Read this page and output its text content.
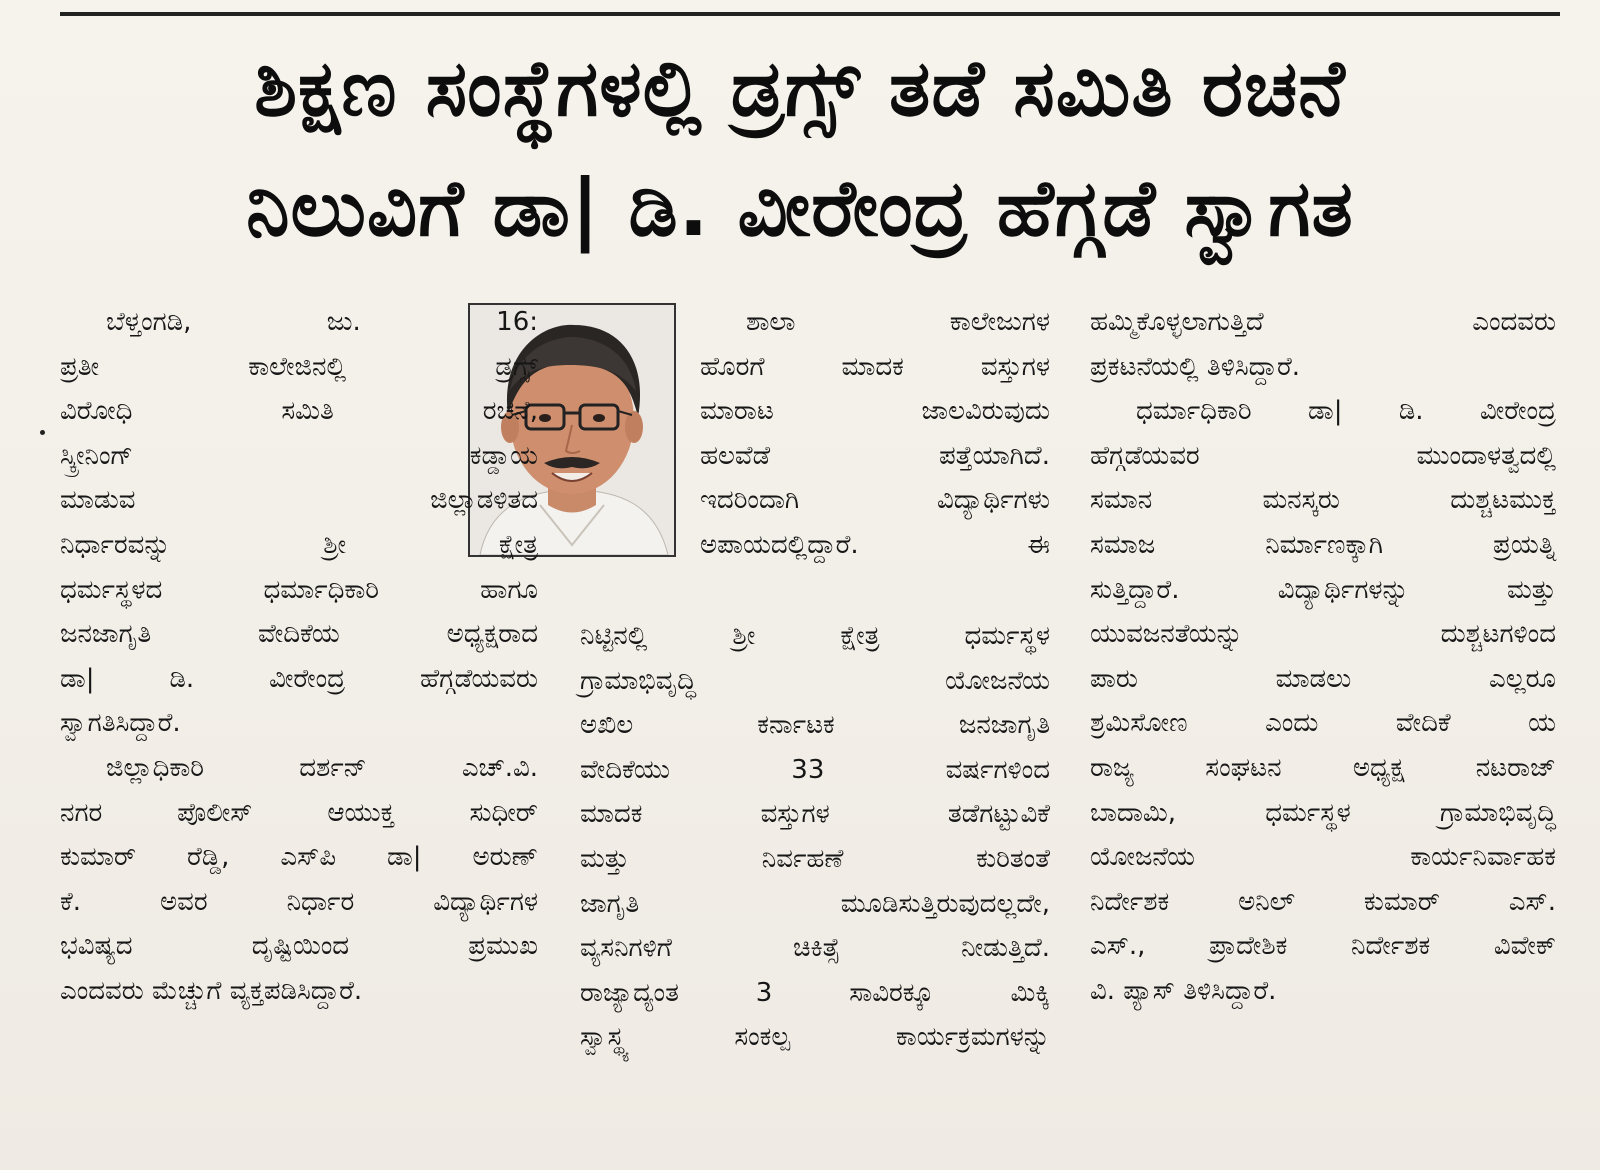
ಶಿಕ್ಷಣ ಸಂಸ್ಥೆಗಳಲ್ಲಿ ಡ್ರಗ್ಸ್ ತಡೆ ಸಮಿತಿ ರಚನೆ
ನಿಲುವಿಗೆ ಡಾ| ಡಿ. ವೀರೇಂದ್ರ ಹೆಗ್ಗಡೆ ಸ್ವಾಗತ
ಬೆಳ್ತಂಗಡಿ, ಜು. 16:
ಪ್ರತೀ ಕಾಲೇಜಿನಲ್ಲಿ ಡ್ರಗ್ಸ್
ವಿರೋಧಿ ಸಮಿತಿ ರಚನೆ,
ಸ್ಕ್ರೀನಿಂಗ್ ಕಡ್ಡಾಯ
ಮಾಡುವ ಜಿಲ್ಲಾಡಳಿತದ
ನಿರ್ಧಾರವನ್ನು ಶ್ರೀ ಕ್ಷೇತ್ರ
ಧರ್ಮಸ್ಥಳದ ಧರ್ಮಾಧಿಕಾರಿ ಹಾಗೂ
ಜನಜಾಗೃತಿ ವೇದಿಕೆಯ ಅಧ್ಯಕ್ಷರಾದ
ಡಾ| ಡಿ. ವೀರೇಂದ್ರ ಹೆಗ್ಗಡೆಯವರು
ಸ್ವಾಗತಿಸಿದ್ದಾರೆ.
ಜಿಲ್ಲಾಧಿಕಾರಿ ದರ್ಶನ್ ಎಚ್.ವಿ.
ನಗರ ಪೊಲೀಸ್ ಆಯುಕ್ತ ಸುಧೀರ್
ಕುಮಾರ್ ರೆಡ್ಡಿ, ಎಸ್‌ಪಿ ಡಾ| ಅರುಣ್
ಕೆ. ಅವರ ನಿರ್ಧಾರ ವಿದ್ಯಾರ್ಥಿಗಳ
ಭವಿಷ್ಯದ ದೃಷ್ಟಿಯಿಂದ ಪ್ರಮುಖ
ಎಂದವರು ಮೆಚ್ಚುಗೆ ವ್ಯಕ್ತಪಡಿಸಿದ್ದಾರೆ.
ಶಾಲಾ ಕಾಲೇಜುಗಳ
ಹೊರಗೆ ಮಾದಕ ವಸ್ತುಗಳ
ಮಾರಾಟ ಜಾಲವಿರುವುದು
ಹಲವೆಡೆ ಪತ್ತೆಯಾಗಿದೆ.
ಇದರಿಂದಾಗಿ ವಿದ್ಯಾರ್ಥಿಗಳು
ಅಪಾಯದಲ್ಲಿದ್ದಾರೆ. ಈ
ನಿಟ್ಟಿನಲ್ಲಿ ಶ್ರೀ ಕ್ಷೇತ್ರ ಧರ್ಮಸ್ಥಳ
ಗ್ರಾಮಾಭಿವೃದ್ಧಿ ಯೋಜನೆಯ
ಅಖಿಲ ಕರ್ನಾಟಕ ಜನಜಾಗೃತಿ
ವೇದಿಕೆಯು 33 ವರ್ಷಗಳಿಂದ
ಮಾದಕ ವಸ್ತುಗಳ ತಡೆಗಟ್ಟುವಿಕೆ
ಮತ್ತು ನಿರ್ವಹಣೆ ಕುರಿತಂತೆ
ಜಾಗೃತಿ ಮೂಡಿಸುತ್ತಿರುವುದಲ್ಲದೇ,
ವ್ಯಸನಿಗಳಿಗೆ ಚಿಕಿತ್ಸೆ ನೀಡುತ್ತಿದೆ.
ರಾಜ್ಯಾದ್ಯಂತ 3 ಸಾವಿರಕ್ಕೂ ಮಿಕ್ಕಿ
ಸ್ವಾಸ್ಥ್ಯ ಸಂಕಲ್ಪ ಕಾರ್ಯಕ್ರಮಗಳನ್ನು
ಹಮ್ಮಿಕೊಳ್ಳಲಾಗುತ್ತಿದೆ ಎಂದವರು
ಪ್ರಕಟನೆಯಲ್ಲಿ ತಿಳಿಸಿದ್ದಾರೆ.
ಧರ್ಮಾಧಿಕಾರಿ ಡಾ| ಡಿ. ವೀರೇಂದ್ರ
ಹೆಗ್ಗಡೆಯವರ ಮುಂದಾಳತ್ವದಲ್ಲಿ
ಸಮಾನ ಮನಸ್ಕರು ದುಶ್ಚಟಮುಕ್ತ
ಸಮಾಜ ನಿರ್ಮಾಣಕ್ಕಾಗಿ ಪ್ರಯತ್ನಿ
ಸುತ್ತಿದ್ದಾರೆ. ವಿದ್ಯಾರ್ಥಿಗಳನ್ನು ಮತ್ತು
ಯುವಜನತೆಯನ್ನು ದುಶ್ಚಟಗಳಿಂದ
ಪಾರು ಮಾಡಲು ಎಲ್ಲರೂ
ಶ್ರಮಿಸೋಣ ಎಂದು ವೇದಿಕೆ ಯ
ರಾಜ್ಯ ಸಂಘಟನ ಅಧ್ಯಕ್ಷ ನಟರಾಜ್
ಬಾದಾಮಿ, ಧರ್ಮಸ್ಥಳ ಗ್ರಾಮಾಭಿವೃದ್ಧಿ
ಯೋಜನೆಯ ಕಾರ್ಯನಿರ್ವಾಹಕ
ನಿರ್ದೇಶಕ ಅನಿಲ್ ಕುಮಾರ್ ಎಸ್.
ಎಸ್., ಪ್ರಾದೇಶಿಕ ನಿರ್ದೇಶಕ ವಿವೇಕ್
ವಿ. ಪ್ಯಾಸ್ ತಿಳಿಸಿದ್ದಾರೆ.
